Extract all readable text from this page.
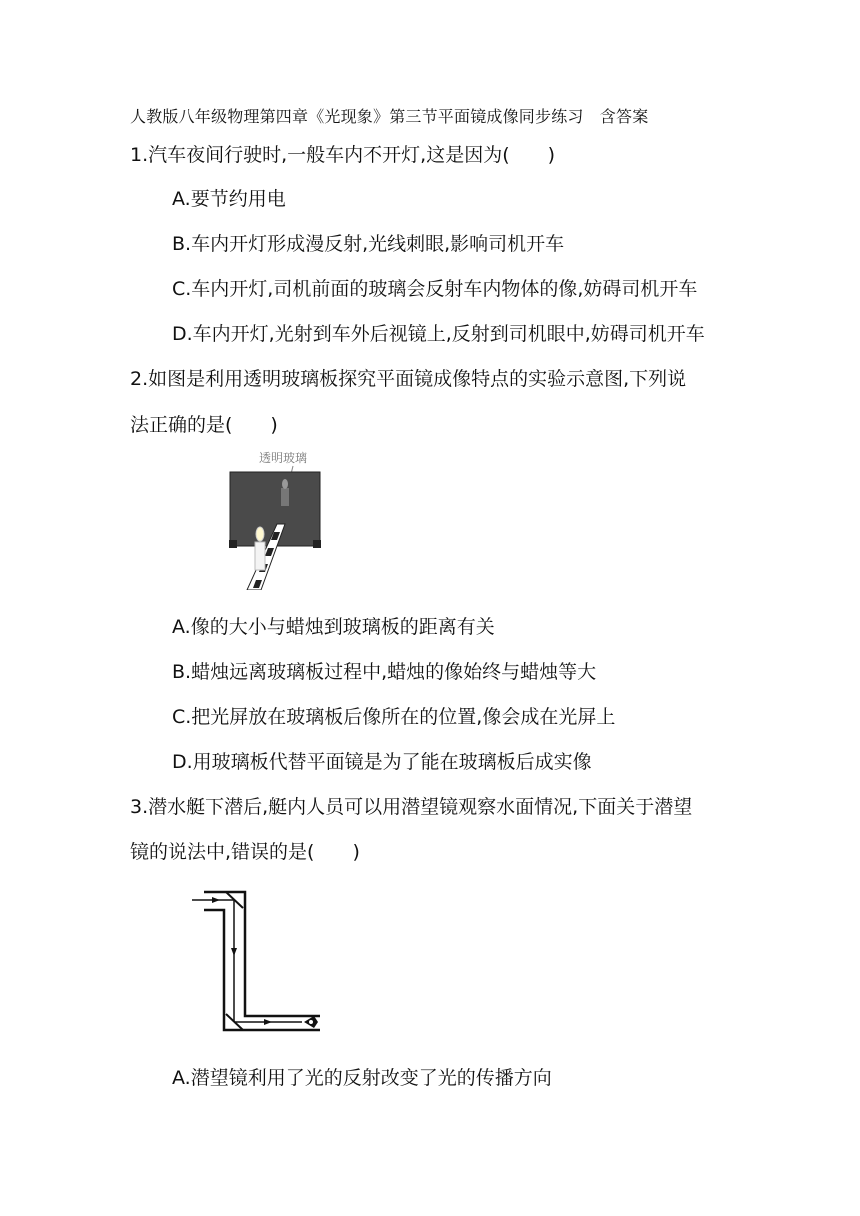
人教版八年级物理第四章《光现象》第三节平面镜成像同步练习　含答案
1.汽车夜间行驶时,一般车内不开灯,这是因为(　　)
A.要节约用电
B.车内开灯形成漫反射,光线刺眼,影响司机开车
C.车内开灯,司机前面的玻璃会反射车内物体的像,妨碍司机开车
D.车内开灯,光射到车外后视镜上,反射到司机眼中,妨碍司机开车
2.如图是利用透明玻璃板探究平面镜成像特点的实验示意图,下列说
法正确的是(　　)
透明玻璃
A.像的大小与蜡烛到玻璃板的距离有关
B.蜡烛远离玻璃板过程中,蜡烛的像始终与蜡烛等大
C.把光屏放在玻璃板后像所在的位置,像会成在光屏上
D.用玻璃板代替平面镜是为了能在玻璃板后成实像
3.潜水艇下潜后,艇内人员可以用潜望镜观察水面情况,下面关于潜望
镜的说法中,错误的是(　　)
A.潜望镜利用了光的反射改变了光的传播方向
